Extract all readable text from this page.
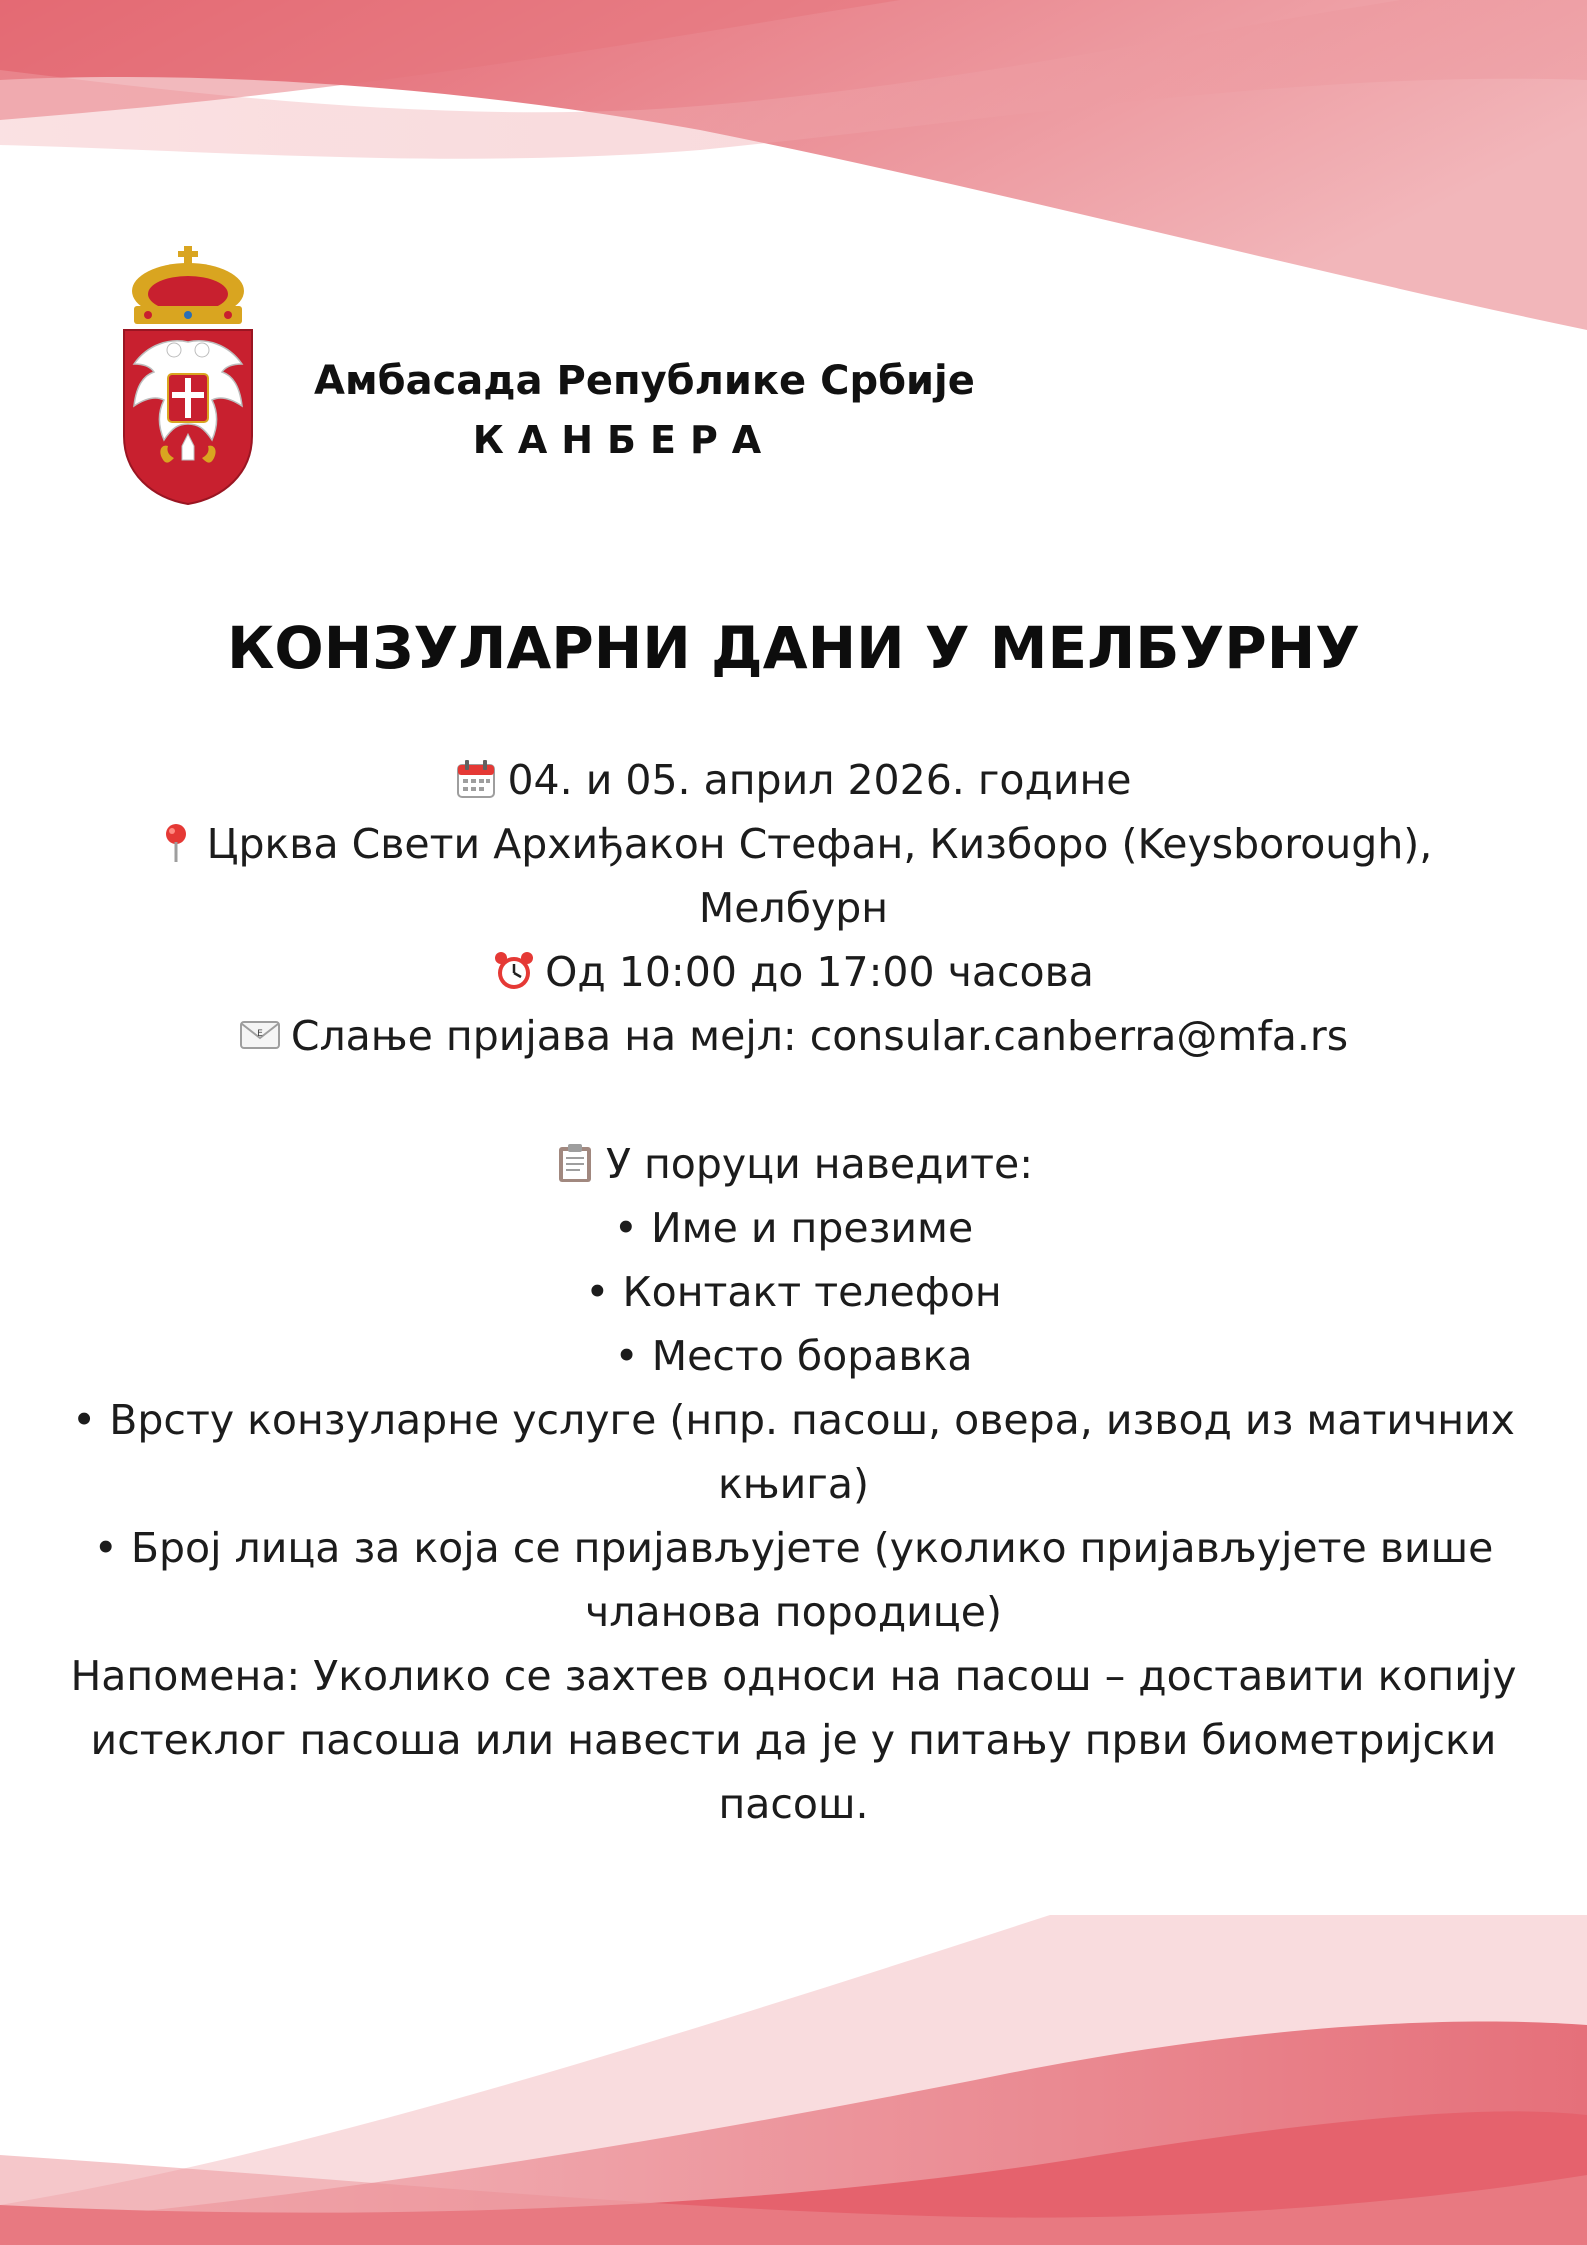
Амбасада Републике Србије
КАНБЕРА
КОНЗУЛАРНИ ДАНИ У МЕЛБУРНУ
04. и 05. април 2026. године
Црква Свети Архиђакон Стефан, Кизборо (Keysborough),
Мелбурн
Од 10:00 до 17:00 часова
E Слање пријава на мејл: consular.canberra@mfa.rs
У поруци наведите:
• Име и презиме
• Контакт телефон
• Место боравка
• Врсту конзуларне услуге (нпр. пасош, овера, извод из матичних
књига)
• Број лица за која се пријављујете (уколико пријављујете више
чланова породице)
Напомена: Уколико се захтев односи на пасош – доставити копију
истеклог пасоша или навести да је у питању први биометријски
пасош.
